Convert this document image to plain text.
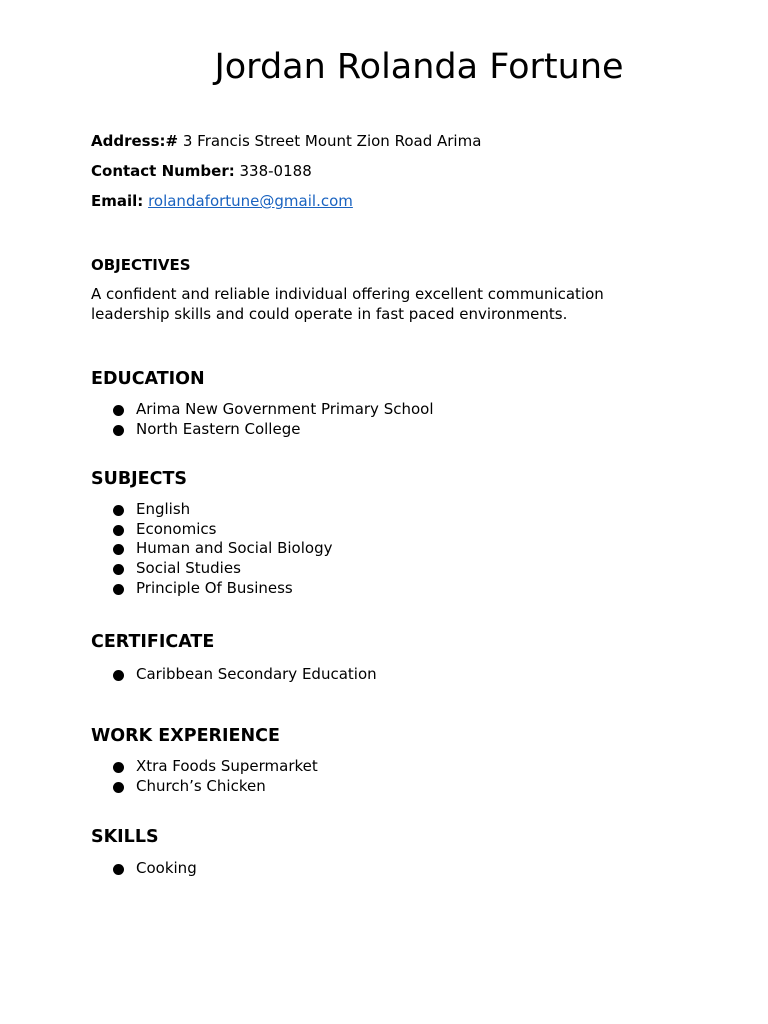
Jordan Rolanda Fortune
Address:# 3 Francis Street Mount Zion Road Arima
Contact Number: 338-0188
Email: rolandafortune@gmail.com
OBJECTIVES

A confident and reliable individual offering excellent communication leadership skills and could operate in fast paced environments.

EDUCATION
Arima New Government Primary School
North Eastern College
SUBJECTS
English
Economics
Human and Social Biology
Social Studies
Principle Of Business
CERTIFICATE
Caribbean Secondary Education
WORK EXPERIENCE
Xtra Foods Supermarket
Church’s Chicken
SKILLS
Cooking
